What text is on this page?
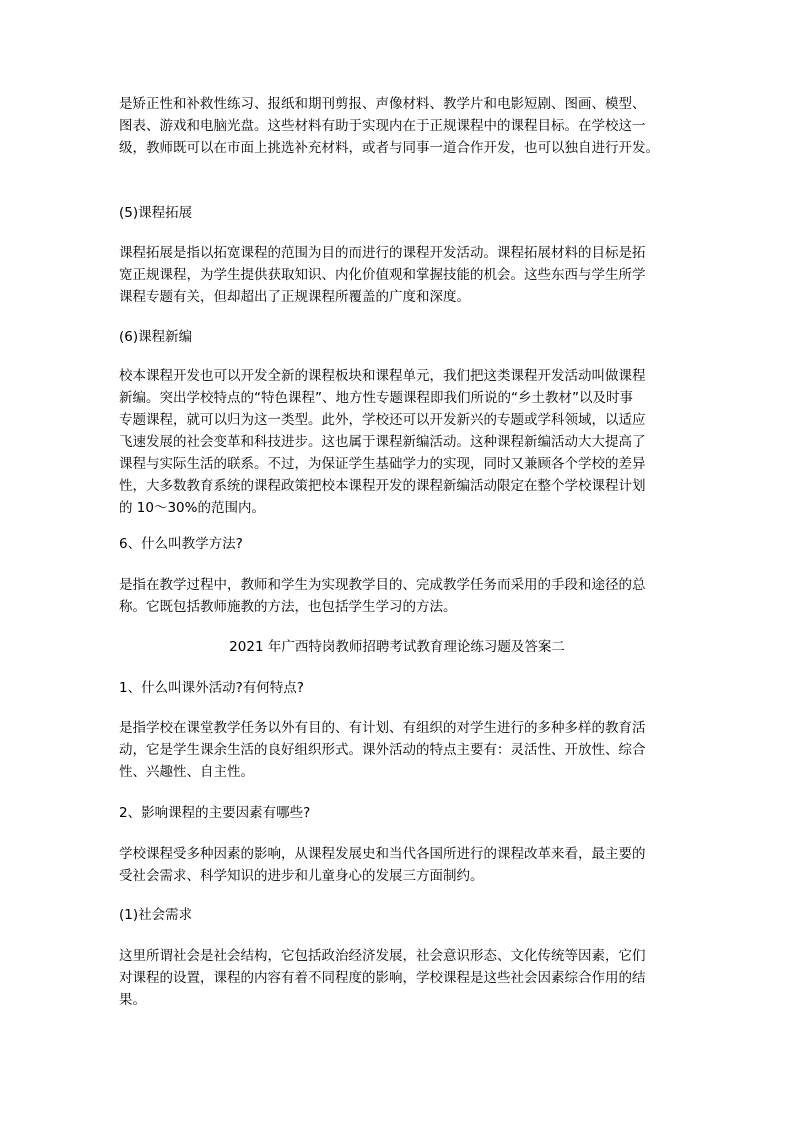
是矫正性和补救性练习、报纸和期刊剪报、声像材料、教学片和电影短剧、图画、模型、
图表、游戏和电脑光盘。这些材料有助于实现内在于正规课程中的课程目标。在学校这一
级，教师既可以在市面上挑选补充材料，或者与同事一道合作开发，也可以独自进行开发。

(5)课程拓展

课程拓展是指以拓宽课程的范围为目的而进行的课程开发活动。课程拓展材料的目标是拓
宽正规课程，为学生提供获取知识、内化价值观和掌握技能的机会。这些东西与学生所学
课程专题有关，但却超出了正规课程所覆盖的广度和深度。

(6)课程新编

校本课程开发也可以开发全新的课程板块和课程单元，我们把这类课程开发活动叫做课程
新编。突出学校特点的“特色课程”、地方性专题课程即我们所说的“乡土教材”以及时事
专题课程，就可以归为这一类型。此外，学校还可以开发新兴的专题或学科领域，以适应
飞速发展的社会变革和科技进步。这也属于课程新编活动。这种课程新编活动大大提高了
课程与实际生活的联系。不过，为保证学生基础学力的实现，同时又兼顾各个学校的差异
性，大多数教育系统的课程政策把校本课程开发的课程新编活动限定在整个学校课程计划
的 10～30%的范围内。

6、什么叫教学方法?

是指在教学过程中，教师和学生为实现教学目的、完成教学任务而采用的手段和途径的总
称。它既包括教师施教的方法，也包括学生学习的方法。

2021 年广西特岗教师招聘考试教育理论练习题及答案二

1、什么叫课外活动?有何特点?

是指学校在课堂教学任务以外有目的、有计划、有组织的对学生进行的多种多样的教育活
动，它是学生课余生活的良好组织形式。课外活动的特点主要有：灵活性、开放性、综合
性、兴趣性、自主性。

2、影响课程的主要因素有哪些?

学校课程受多种因素的影响，从课程发展史和当代各国所进行的课程改革来看，最主要的
受社会需求、科学知识的进步和儿童身心的发展三方面制约。

(1)社会需求

这里所谓社会是社会结构，它包括政治经济发展，社会意识形态、文化传统等因素，它们
对课程的设置，课程的内容有着不同程度的影响，学校课程是这些社会因素综合作用的结
果。
